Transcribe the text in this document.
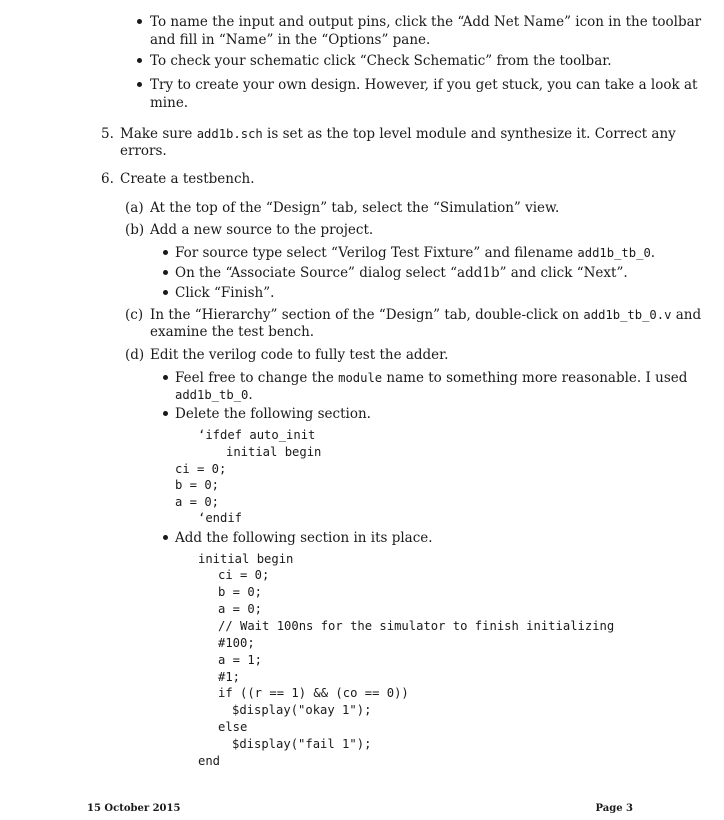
To name the input and output pins, click the “Add Net Name” icon in the toolbar
and fill in “Name” in the “Options” pane.
To check your schematic click “Check Schematic” from the toolbar.
Try to create your own design. However, if you get stuck, you can take a look at
mine.
5. Make sure add1b.sch is set as the top level module and synthesize it. Correct any
errors.
6. Create a testbench.
(a) At the top of the “Design” tab, select the “Simulation” view.
(b) Add a new source to the project.
For source type select “Verilog Test Fixture” and filename add1b_tb_0.
On the “Associate Source” dialog select “add1b” and click “Next”.
Click “Finish”.
(c) In the “Hierarchy” section of the “Design” tab, double-click on add1b_tb_0.v and
examine the test bench.
(d) Edit the verilog code to fully test the adder.
Feel free to change the module name to something more reasonable. I used
add1b_tb_0.
Delete the following section.
‘ifdef auto_init
initial begin
ci = 0;
b = 0;
a = 0;
‘endif
Add the following section in its place.
initial begin
ci = 0;
b = 0;
a = 0;
// Wait 100ns for the simulator to finish initializing
#100;
a = 1;
#1;
if ((r == 1) && (co == 0))
$display("okay 1");
else
$display("fail 1");
end
15 October 2015	Page 3
